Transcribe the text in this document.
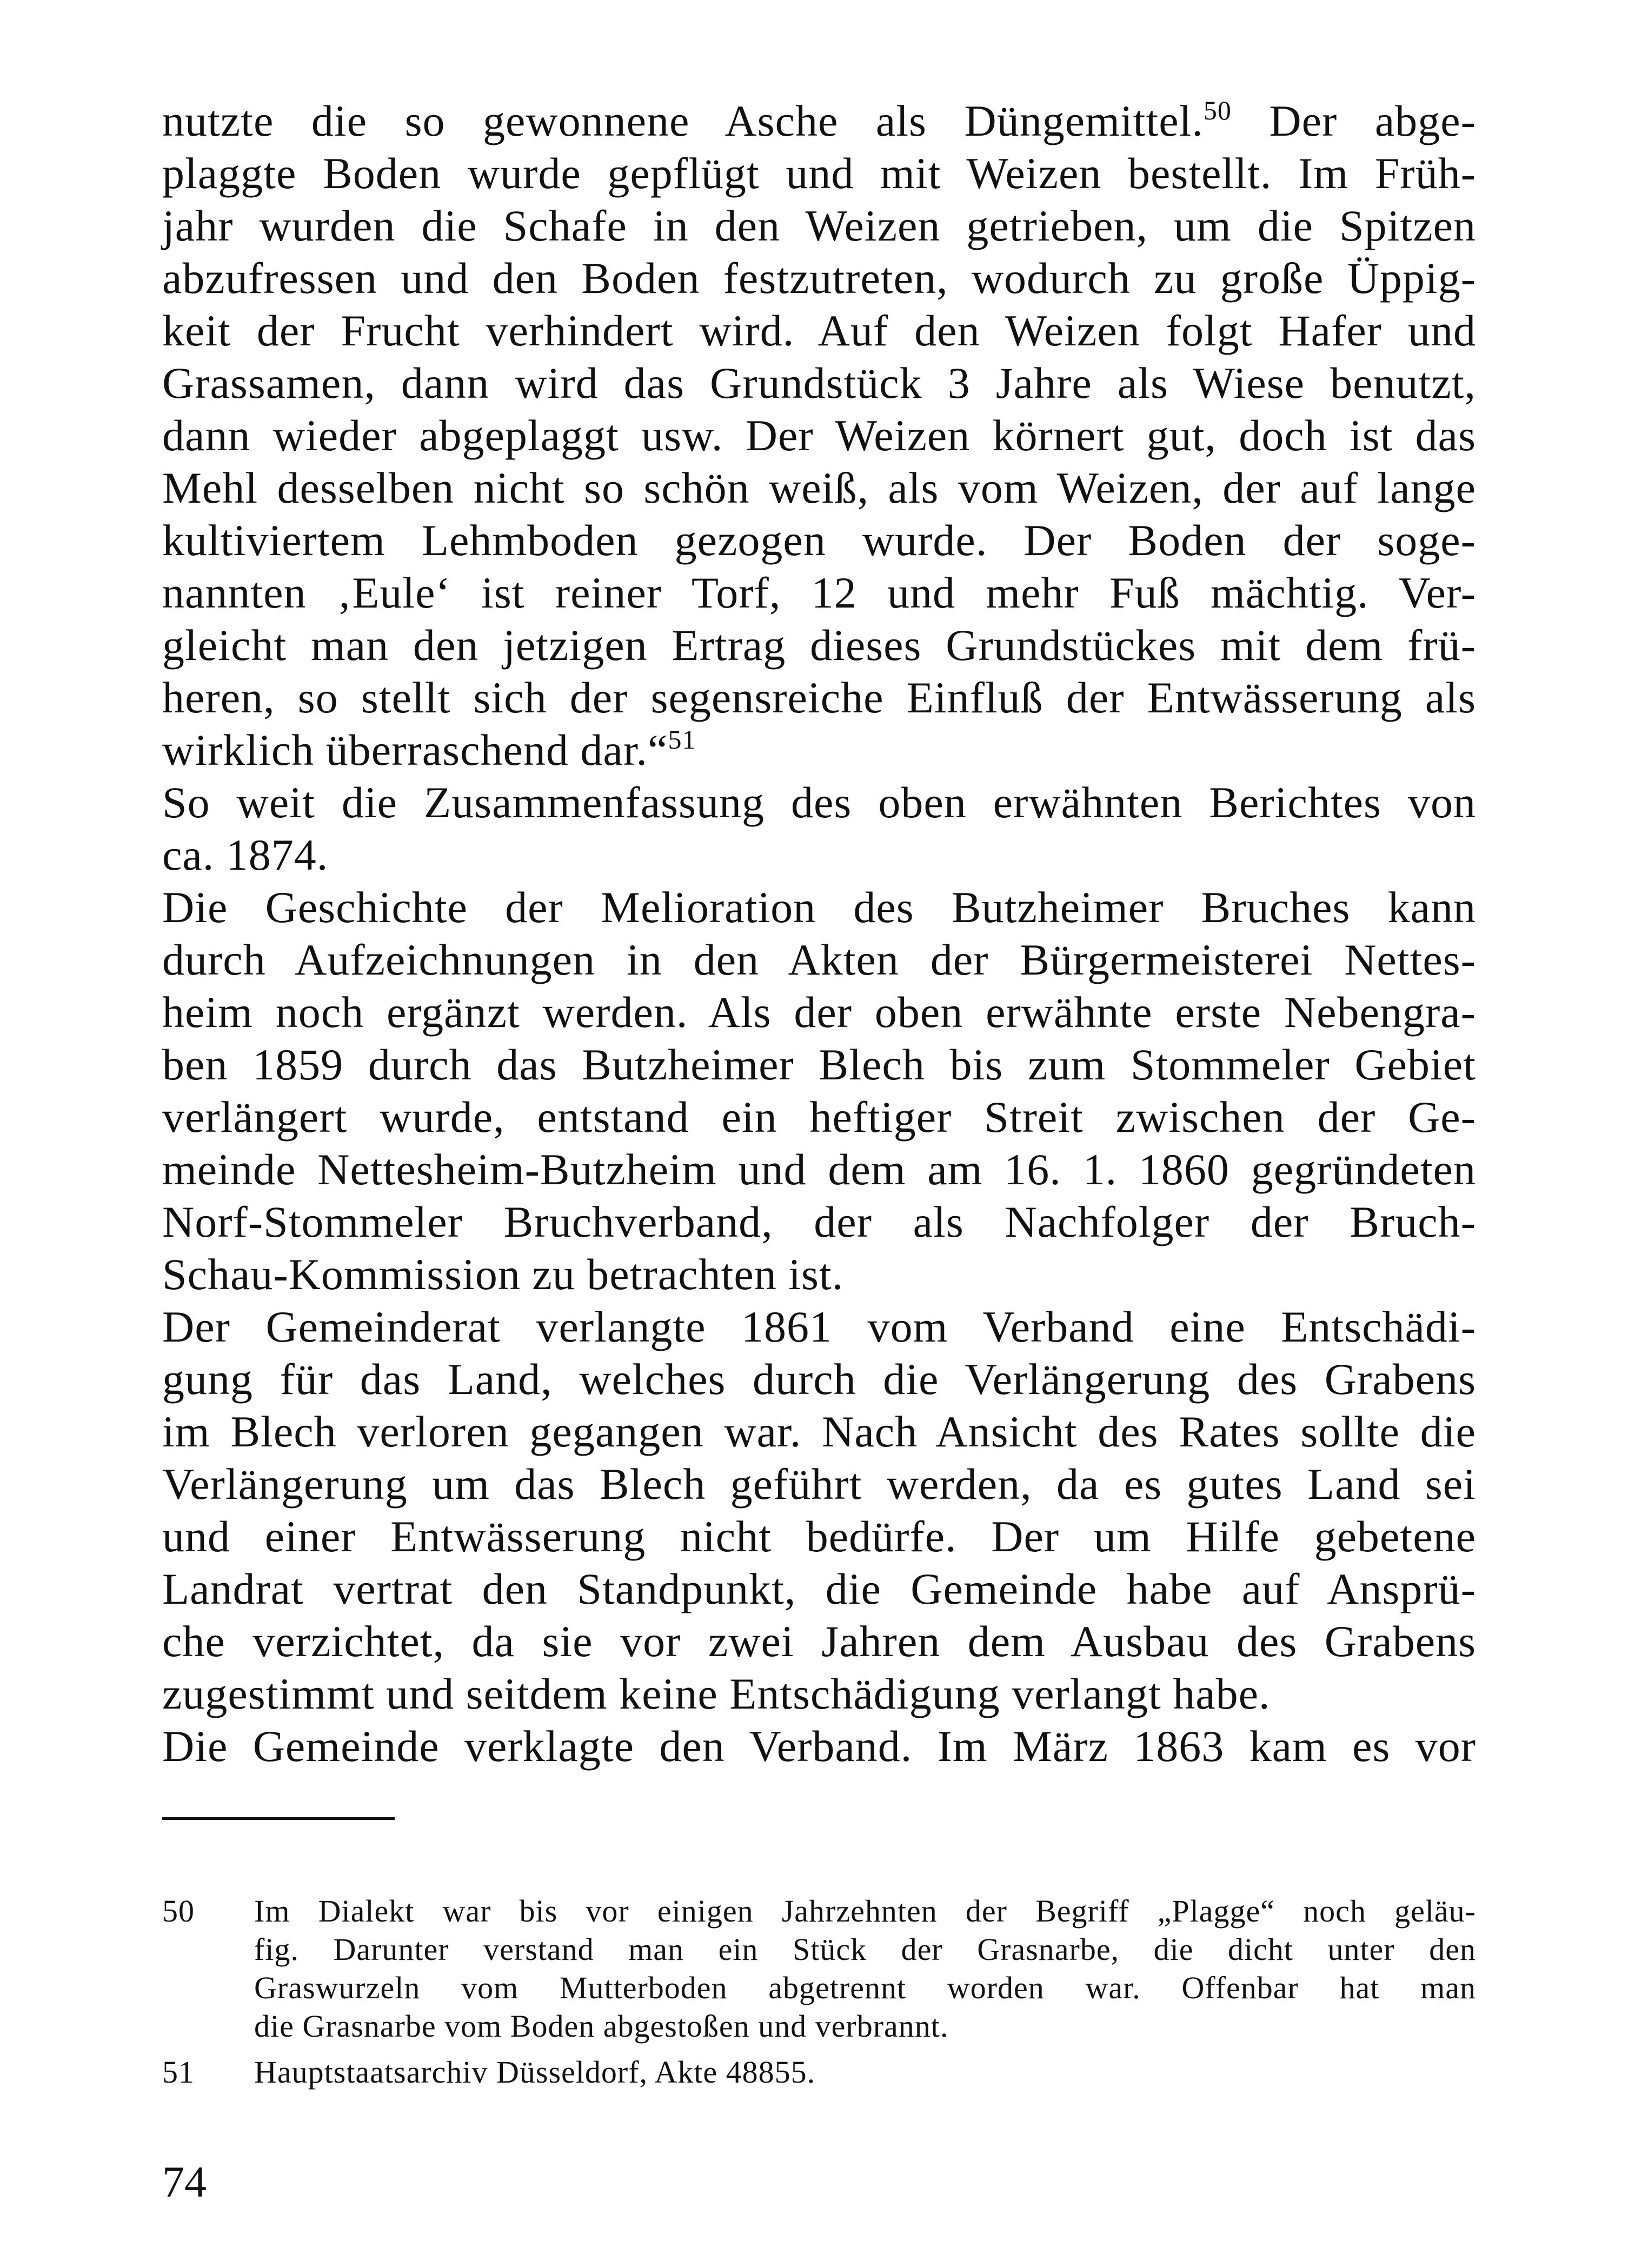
nutzte die so gewonnene Asche als Düngemittel.$^{50}$ Der abge-
plaggte Boden wurde gepflügt und mit Weizen bestellt. Im Früh-
jahr wurden die Schafe in den Weizen getrieben, um die Spitzen
abzufressen und den Boden festzutreten, wodurch zu große Üppig-
keit der Frucht verhindert wird. Auf den Weizen folgt Hafer und
Grassamen, dann wird das Grundstück 3 Jahre als Wiese benutzt,
dann wieder abgeplaggt usw. Der Weizen körnert gut, doch ist das
Mehl desselben nicht so schön weiß, als vom Weizen, der auf lange
kultiviertem Lehmboden gezogen wurde. Der Boden der soge-
nannten ‚Eule‘ ist reiner Torf, 12 und mehr Fuß mächtig. Ver-
gleicht man den jetzigen Ertrag dieses Grundstückes mit dem frü-
heren, so stellt sich der segensreiche Einfluß der Entwässerung als
wirklich überraschend dar.“$^{51}$

So weit die Zusammenfassung des oben erwähnten Berichtes von
ca. 1874.

Die Geschichte der Melioration des Butzheimer Bruches kann
durch Aufzeichnungen in den Akten der Bürgermeisterei Nettes-
heim noch ergänzt werden. Als der oben erwähnte erste Nebengra-
ben 1859 durch das Butzheimer Blech bis zum Stommeler Gebiet
verlängert wurde, entstand ein heftiger Streit zwischen der Ge-
meinde Nettesheim-Butzheim und dem am 16. 1. 1860 gegründeten
Norf-Stommeler Bruchverband, der als Nachfolger der Bruch-
Schau-Kommission zu betrachten ist.

Der Gemeinderat verlangte 1861 vom Verband eine Entschädi-
gung für das Land, welches durch die Verlängerung des Grabens
im Blech verloren gegangen war. Nach Ansicht des Rates sollte die
Verlängerung um das Blech geführt werden, da es gutes Land sei
und einer Entwässerung nicht bedürfe. Der um Hilfe gebetene
Landrat vertrat den Standpunkt, die Gemeinde habe auf Ansprü-
che verzichtet, da sie vor zwei Jahren dem Ausbau des Grabens
zugestimmt und seitdem keine Entschädigung verlangt habe.

Die Gemeinde verklagte den Verband. Im März 1863 kam es vor

50	Im Dialekt war bis vor einigen Jahrzehnten der Begriff „Plagge“ noch geläu-
fig. Darunter verstand man ein Stück der Grasnarbe, die dicht unter den
Graswurzeln vom Mutterboden abgetrennt worden war. Offenbar hat man
die Grasnarbe vom Boden abgestoßen und verbrannt.
51	Hauptstaatsarchiv Düsseldorf, Akte 48855.
74
